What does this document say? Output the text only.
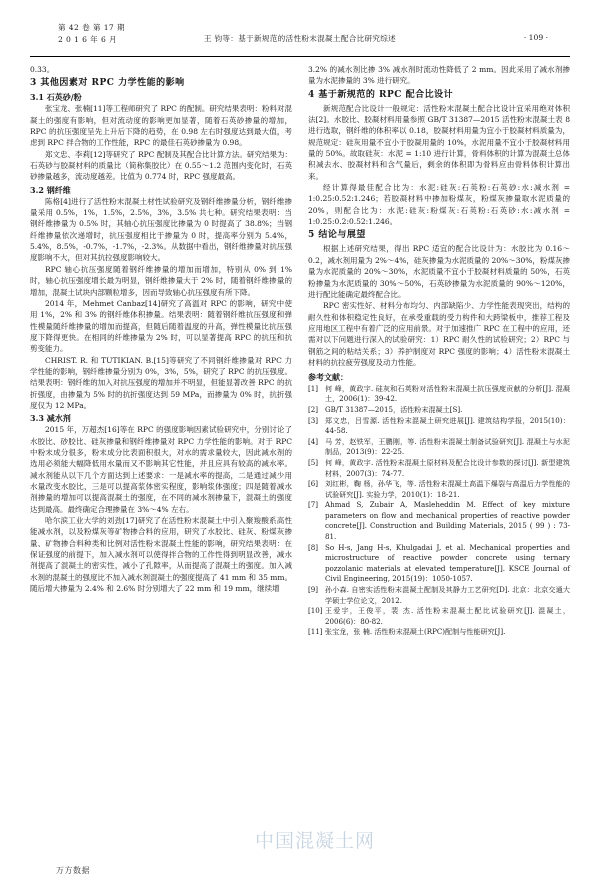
第 42 卷 第 17 期
2 0 1 6 年 6 月	王 钧等：基于新规范的活性粉末混凝土配合比研究综述	· 109 ·

0.33。

3 其他因素对 RPC 力学性能的影响
3.1 石英砂/粉

张宝龙、张楠[11]等工程师研究了 RPC 的配制。研究结果表明：粉料对混凝土的强度有影响，但对流动度的影响更加显著，随着石英砂掺量的增加，RPC 的抗压强度呈先上升后下降的趋势，在 0.98 左右时强度达到最大值，考虑到 RPC 拌合物的工作性能，RPC 的最佳石英砂掺量为 0.98。

郑文忠、李莉[12]等研究了 RPC 配制及其配合比计算方法。研究结果为：石英砂与胶凝材料的质量比（简称集胶比）在 0.55～1.2 范围内变化时，石英砂掺量越多，流动度越差。比值为 0.774 时，RPC 强度最高。

3.2 钢纤维

陈格[4]进行了活性粉末混凝土材性试验研究及钢纤维掺量分析，钢纤维掺量采用 0.5%，1%，1.5%，2.5%，3%，3.5% 共七种。研究结果表明：当钢纤维掺量为 0.5% 时，其轴心抗压强度比掺量为 0 时提高了 38.8%；当钢纤维掺量依次递增时，抗压强度相比于掺量为 0 时，提高率分别为 5.4%，5.4%，8.5%，-0.7%，-1.7%，-2.3%。从数据中看出，钢纤维掺量对抗压强度影响不大，但对其抗拉强度影响较大。

RPC 轴心抗压强度随着钢纤维掺量的增加而增加，特别从 0% 到 1% 时，轴心抗压强度增长最为明显，钢纤维掺量大于 2% 时，随着钢纤维掺量的增加，混凝土试块内部颗粒增多，因而导致轴心抗压强度有所下降。

2014 年，Mehmet Canbaz[14]研究了高温对 RPC 的影响，研究中使用 1%，2% 和 3% 的钢纤维体积掺量。结果表明：随着钢纤维抗压强度和弹性模量随纤维掺量的增加而提高，但随后随着温度的升高，弹性模量比抗压强度下降得更快。在相同的纤维掺量为 2% 时，可以显著提高 RPC 的抗压和抗剪变能力。

CHRIST. R. 和 TUTIKIAN. B.[15]等研究了不同钢纤维掺量对 RPC 力学性能的影响，钢纤维掺量分别为 0%，3%，5%，研究了 RPC 的抗压强度。结果表明：钢纤维的加入对抗压强度的增加并不明显，但能显著改善 RPC 的抗折强度，由掺量为 5% 时的抗折强度达到 59 MPa，而掺量为 0% 时，抗折强度仅为 12 MPa。

3.3 减水剂

2015 年，万超杰[16]等在 RPC 的强度影响因素试验研究中，分别讨论了水胶比、砂胶比、硅灰掺量和钢纤维掺量对 RPC 力学性能的影响。对于 RPC 中粉末成分很多，粉末成分比表面积很大，对水的需求量较大，因此减水剂的选用必须能大幅降低用水量而又不影响其它性能，并且应具有较高的减水率。减水剂能从以下几个方面达到上述要求：一是减水率的提高，二是通过减少用水量改变水胶比，三是可以提高浆体密实程度，影响浆体强度；四是随着减水剂掺量的增加可以提高混凝土的强度，在不同的减水剂掺量下，混凝土的强度达到最高。最终确定合理掺量在 3%～4% 左右。

哈尔滨工业大学的刘劲[17]研究了在活性粉末混凝土中引入聚羧酸系高性能减水剂，以及粉煤灰等矿物掺合料的应用，研究了水胶比、硅灰、粉煤灰掺量、矿物掺合料种类和比例对活性粉末混凝土性能的影响，研究结果表明：在保证强度的前提下，加入减水剂可以使得拌合物的工作性得到明显改善，减水剂提高了混凝土的密实性，减小了孔隙率，从而提高了混凝土的强度。加入减水剂的混凝土的强度比不加入减水剂混凝土的强度提高了 41 mm 和 35 mm。随后增大掺量为 2.4% 和 2.6% 时分别增大了 22 mm 和 19 mm，继续增

3.2% 的减水剂比掺 3% 减水剂时流动性降低了 2 mm。因此采用了减水剂掺量为水泥掺量的 3% 进行研究。

4 基于新规范的 RPC 配合比设计

新规范配合比设计一般规定：活性粉末混凝土配合比设计宜采用绝对体积法[2]。水胶比、胶凝材料用量参照 GB/T 31387—2015 活性粉末混凝土表 8 进行选取，钢纤维的体积率以 0.18，胶凝材料用量为宜小于胶凝材料质量为，规范规定：硅灰用量不宜小于胶凝用量的 10%，水泥用量不宜小于胶凝材料用量的 50%。故取硅灰：水泥 = 1:10 进行计算，骨料体积的计算为混凝土总体积减去水、胶凝材料和含气量后，剩余的体积即为骨料应由骨料体积计算出来。

经计算得最佳配合比为：水泥:硅灰:石英粉:石英砂:水:减水剂 = 1:0.25:0.52:1.246；若胶凝材料中掺加粉煤灰，粉煤灰掺量取水泥质量的 20%，则配合比为：水泥:硅灰:粉煤灰:石英粉:石英砂:水:减水剂 = 1:0.25:0.2:0.52:1.246。

5 结论与展望

根据上述研究结果，得出 RPC 适宜的配合比设计为：水胶比为 0.16～0.2，减水剂用量为 2%～4%，硅灰掺量为水泥质量的 20%～30%，粉煤灰掺量为水泥质量的 20%～30%，水泥质量不宜小于胶凝材料质量的 50%，石英粉掺量为水泥质量的 30%～50%，石英砂掺量为水泥质量的 90%～120%，进行配比能确定最终配合比。

RPC 密实性好、材料分布均匀、内部缺陷少、力学性能表现突出，结构的耐久性和体积稳定性良好，在承受重载的受力构件和大跨梁板中，推荐工程及应用地区工程中有着广泛的应用前景。对于加速推广 RPC 在工程中的应用，还需对以下问题进行深入的试验研究：1）RPC 耐久性的试验研究；2）RPC 与钢筋之间的粘结关系；3）养护制度对 RPC 强度的影响；4）活性粉末混凝土材料的抗拉疲劳强度及动力性能。

参考文献：

[1] 何 峰，黄政宇. 硅灰和石英粉对活性粉末混凝土抗压强度贡献的分析[J]. 混凝土，2006(1)：39-42.

[2] GB/T 31387—2015，活性粉末混凝土[S].

[3] 郑文忠，吕雪源. 活性粉末混凝土研究进展[J]. 建筑结构学报，2015(10)：44-58.

[4] 马 芳，赵铁军，王鹏刚，等. 活性粉末混凝土制备试验研究[J]. 混凝土与水泥制品，2013(9)：22-25.

[5] 何 峰，黄政宇. 活性粉末混凝土原材料及配合比设计参数的探讨[J]. 新型建筑材料，2007(3)：74-77.

[6] 刘红彬，鞠 杨，孙华飞，等. 活性粉末混凝土高温下爆裂与高温后力学性能的试验研究[J]. 实验力学，2010(1)：18-21.

[7] Ahmad S, Zubair A, Masleheddin M. Effect of key mixture parameters on flow and mechanical properties of reactive powder concrete[J]. Construction and Building Materials, 2015 ( 99 ) : 73-81.

[8] So H-s, Jang H-s, Khulgadai J, et al. Mechanical properties and microstructure of reactive powder concrete using ternary pozzolanic materials at elevated temperature[J]. KSCE Journal of Civil Engineering, 2015(19)：1050-1057.

[9] 孙小森. 自密实活性粉末混凝土配制及其静力工艺研究[D]. 北京：北京交通大学硕士学位论文，2012.

[10] 王爱宇，王俊平，裴 杰. 活性粉末混凝土配比试验研究[J]. 混凝土，2006(6)：80-82.

[11] 张宝龙，张 楠. 活性粉末混凝土(RPC)配制与性能研究[J].

中国混凝土网
万方数据
